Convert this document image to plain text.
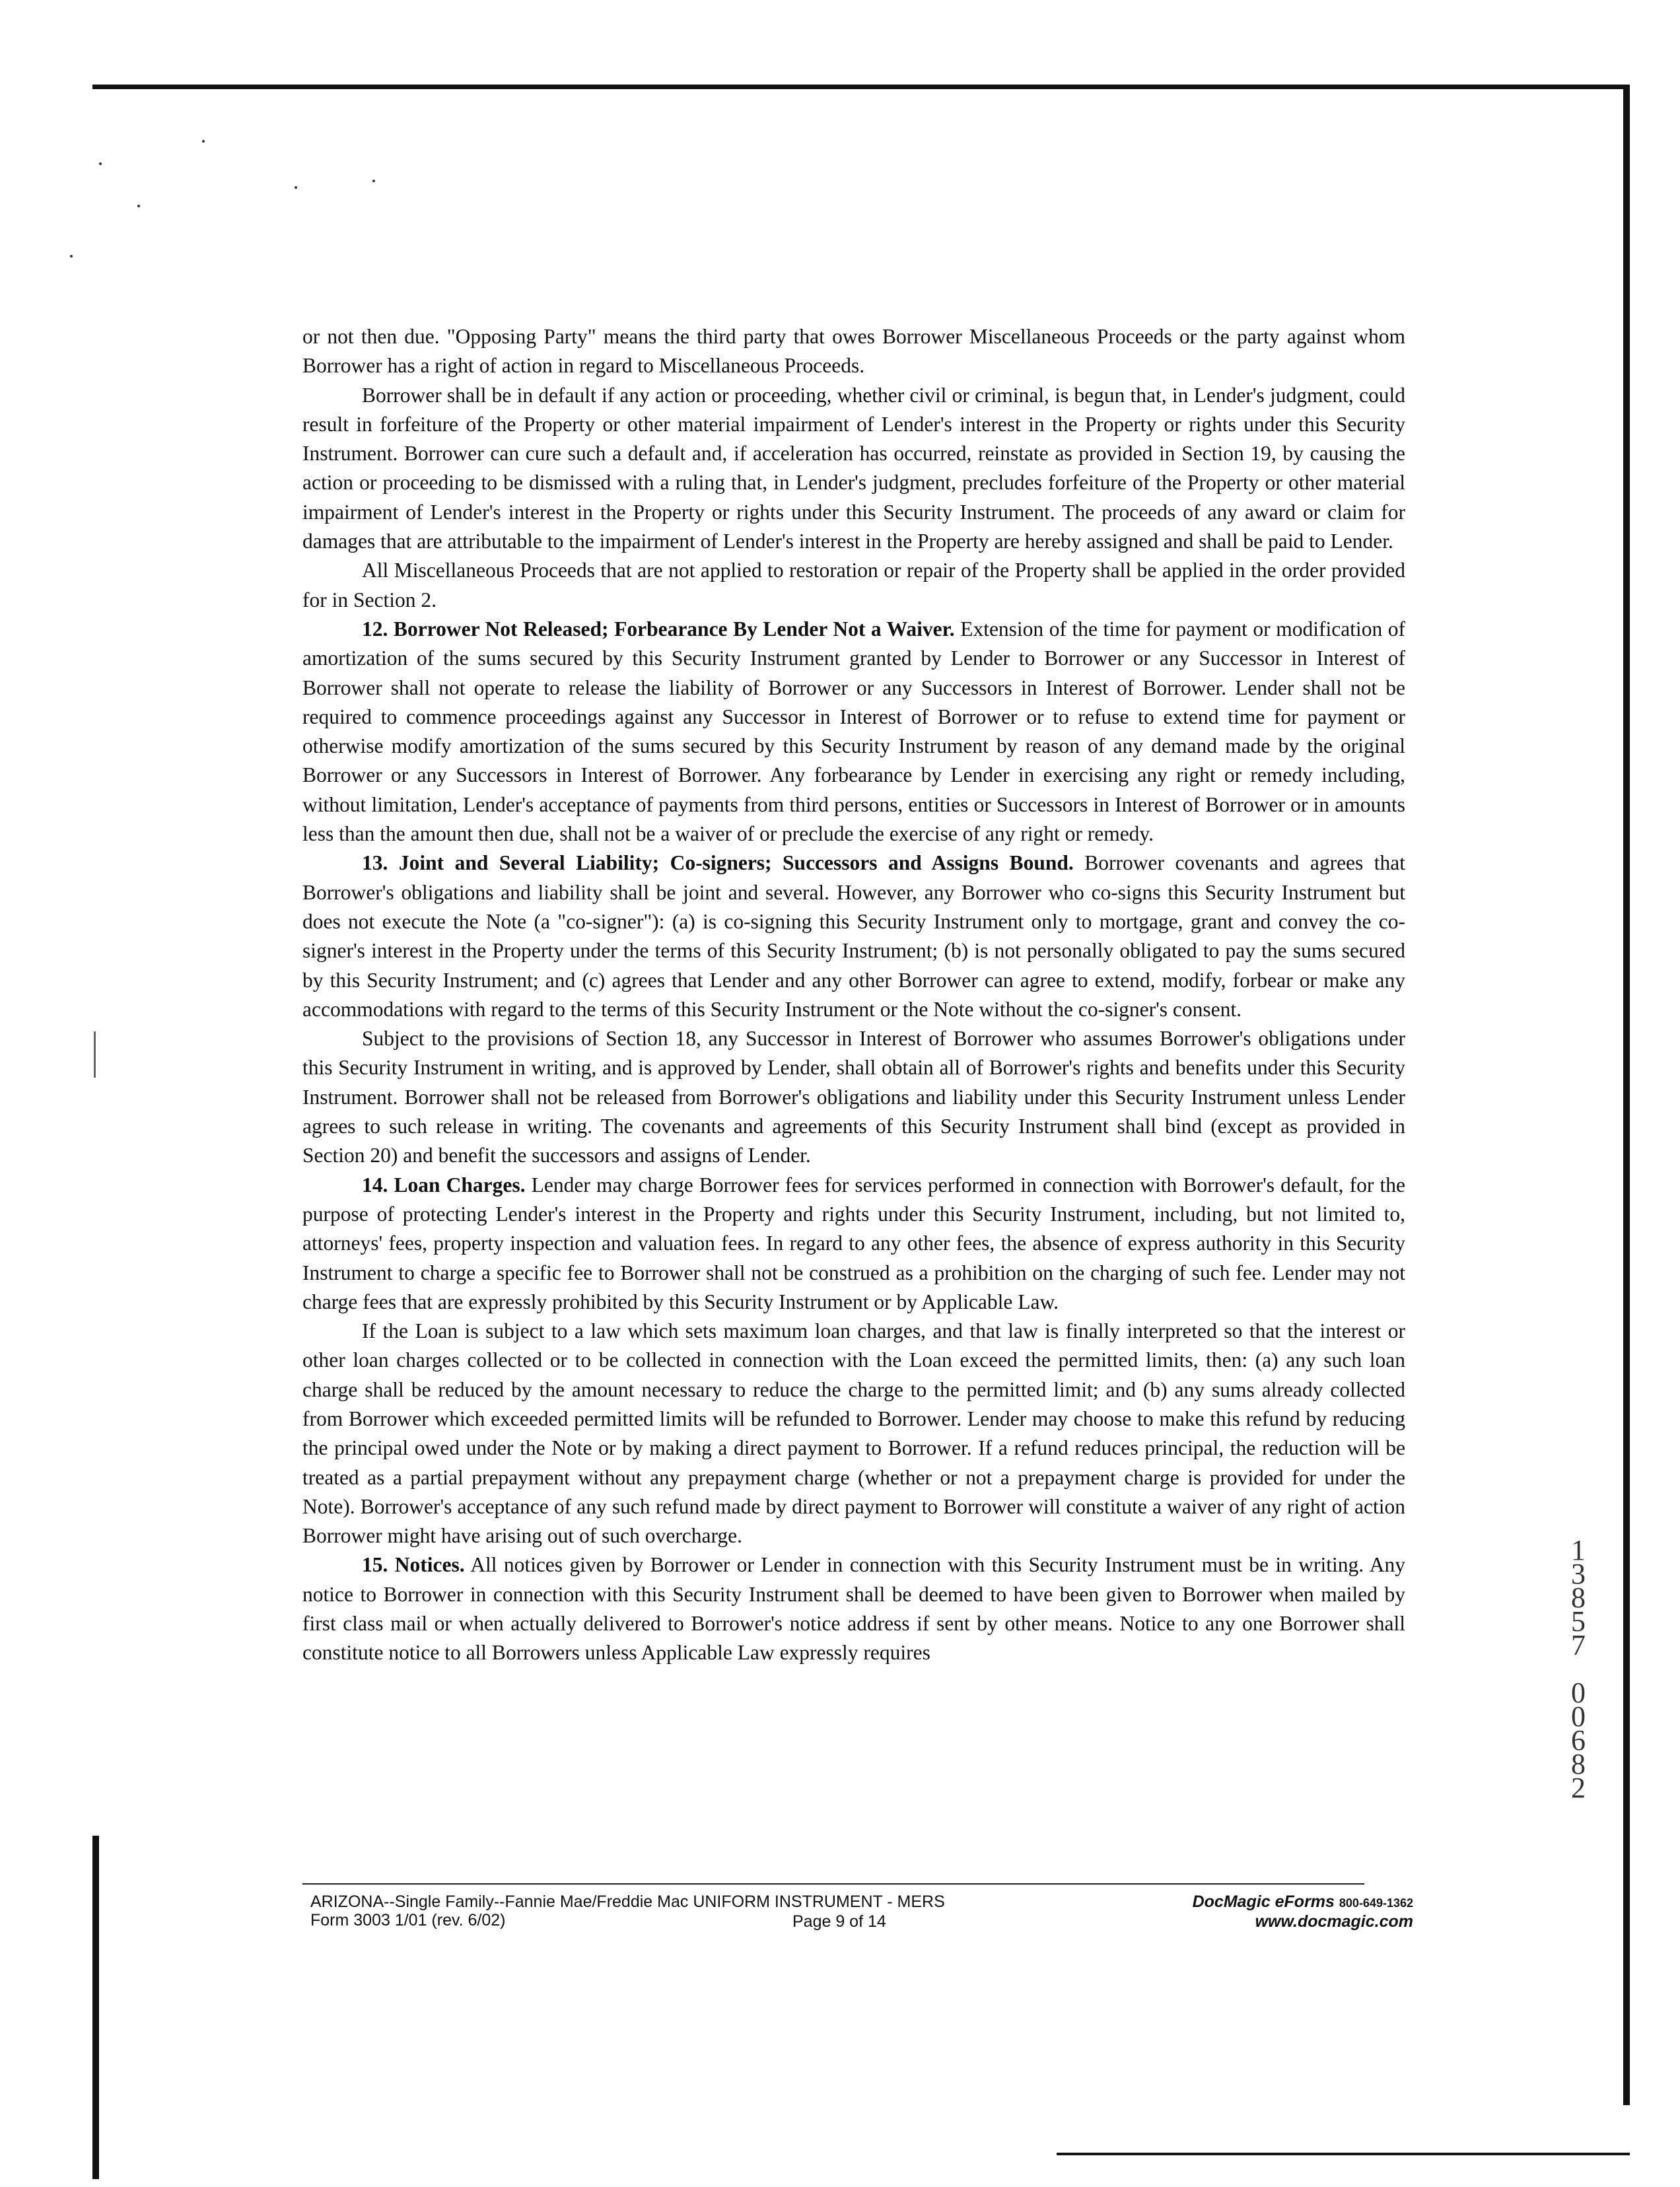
or not then due. "Opposing Party" means the third party that owes Borrower Miscellaneous Proceeds or the party against whom Borrower has a right of action in regard to Miscellaneous Proceeds.

Borrower shall be in default if any action or proceeding, whether civil or criminal, is begun that, in Lender's judgment, could result in forfeiture of the Property or other material impairment of Lender's interest in the Property or rights under this Security Instrument. Borrower can cure such a default and, if acceleration has occurred, reinstate as provided in Section 19, by causing the action or proceeding to be dismissed with a ruling that, in Lender's judgment, precludes forfeiture of the Property or other material impairment of Lender's interest in the Property or rights under this Security Instrument. The proceeds of any award or claim for damages that are attributable to the impairment of Lender's interest in the Property are hereby assigned and shall be paid to Lender.

All Miscellaneous Proceeds that are not applied to restoration or repair of the Property shall be applied in the order provided for in Section 2.

12. Borrower Not Released; Forbearance By Lender Not a Waiver. Extension of the time for payment or modification of amortization of the sums secured by this Security Instrument granted by Lender to Borrower or any Successor in Interest of Borrower shall not operate to release the liability of Borrower or any Successors in Interest of Borrower. Lender shall not be required to commence proceedings against any Successor in Interest of Borrower or to refuse to extend time for payment or otherwise modify amortization of the sums secured by this Security Instrument by reason of any demand made by the original Borrower or any Successors in Interest of Borrower. Any forbearance by Lender in exercising any right or remedy including, without limitation, Lender's acceptance of payments from third persons, entities or Successors in Interest of Borrower or in amounts less than the amount then due, shall not be a waiver of or preclude the exercise of any right or remedy.

13. Joint and Several Liability; Co-signers; Successors and Assigns Bound. Borrower covenants and agrees that Borrower's obligations and liability shall be joint and several. However, any Borrower who co-signs this Security Instrument but does not execute the Note (a "co-signer"): (a) is co-signing this Security Instrument only to mortgage, grant and convey the co-signer's interest in the Property under the terms of this Security Instrument; (b) is not personally obligated to pay the sums secured by this Security Instrument; and (c) agrees that Lender and any other Borrower can agree to extend, modify, forbear or make any accommodations with regard to the terms of this Security Instrument or the Note without the co-signer's consent.

Subject to the provisions of Section 18, any Successor in Interest of Borrower who assumes Borrower's obligations under this Security Instrument in writing, and is approved by Lender, shall obtain all of Borrower's rights and benefits under this Security Instrument. Borrower shall not be released from Borrower's obligations and liability under this Security Instrument unless Lender agrees to such release in writing. The covenants and agreements of this Security Instrument shall bind (except as provided in Section 20) and benefit the successors and assigns of Lender.

14. Loan Charges. Lender may charge Borrower fees for services performed in connection with Borrower's default, for the purpose of protecting Lender's interest in the Property and rights under this Security Instrument, including, but not limited to, attorneys' fees, property inspection and valuation fees. In regard to any other fees, the absence of express authority in this Security Instrument to charge a specific fee to Borrower shall not be construed as a prohibition on the charging of such fee. Lender may not charge fees that are expressly prohibited by this Security Instrument or by Applicable Law.

If the Loan is subject to a law which sets maximum loan charges, and that law is finally interpreted so that the interest or other loan charges collected or to be collected in connection with the Loan exceed the permitted limits, then: (a) any such loan charge shall be reduced by the amount necessary to reduce the charge to the permitted limit; and (b) any sums already collected from Borrower which exceeded permitted limits will be refunded to Borrower. Lender may choose to make this refund by reducing the principal owed under the Note or by making a direct payment to Borrower. If a refund reduces principal, the reduction will be treated as a partial prepayment without any prepayment charge (whether or not a prepayment charge is provided for under the Note). Borrower's acceptance of any such refund made by direct payment to Borrower will constitute a waiver of any right of action Borrower might have arising out of such overcharge.

15. Notices. All notices given by Borrower or Lender in connection with this Security Instrument must be in writing. Any notice to Borrower in connection with this Security Instrument shall be deemed to have been given to Borrower when mailed by first class mail or when actually delivered to Borrower's notice address if sent by other means. Notice to any one Borrower shall constitute notice to all Borrowers unless Applicable Law expressly requires

ARIZONA--Single Family--Fannie Mae/Freddie Mac UNIFORM INSTRUMENT - MERS
Form 3003 1/01 (rev. 6/02)	Page 9 of 14
DocMagic eForms 800-649-1362
www.docmagic.com
13857
00682
